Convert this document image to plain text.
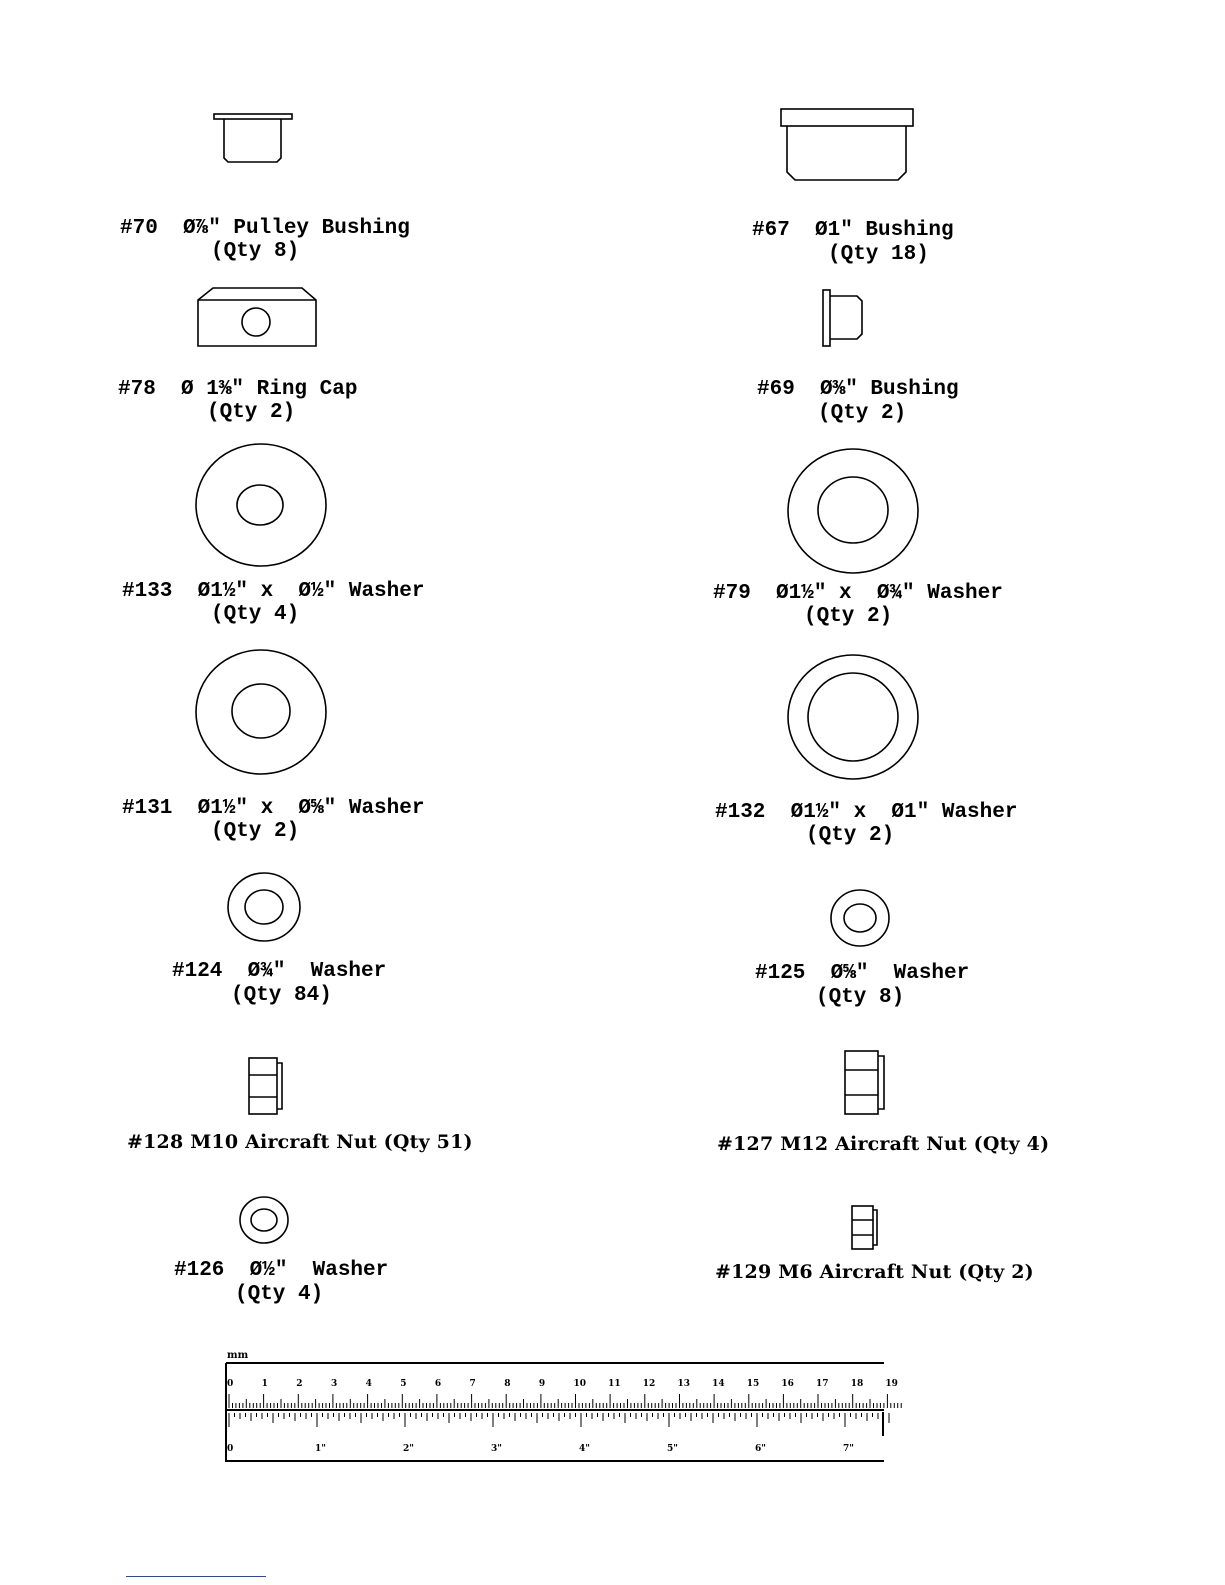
#70  Ø⅞" Pulley Bushing
(Qty 8)
#67  Ø1" Bushing
(Qty 18)
#78  Ø 1⅜" Ring Cap
(Qty 2)
#69  Ø⅜" Bushing
(Qty 2)
#133  Ø1½" x  Ø½" Washer
(Qty 4)
#79  Ø1½" x  Ø¾" Washer
(Qty 2)
#131  Ø1½" x  Ø⅝" Washer
(Qty 2)
#132  Ø1½" x  Ø1" Washer
(Qty 2)
#124  Ø¾"  Washer
(Qty 84)
#125  Ø⅝"  Washer
(Qty 8)
#128 M10 Aircraft Nut (Qty 51)	#127 M12 Aircraft Nut (Qty 4)
#126  Ø½"  Washer
(Qty 4)
#129 M6 Aircraft Nut (Qty 2)
mm
0	1	2	3	4	5	6	7	8	9	10 11 12 13 14 15 16 17 18 19
0	1"	2"	3"	4"	5"	6"	7"
